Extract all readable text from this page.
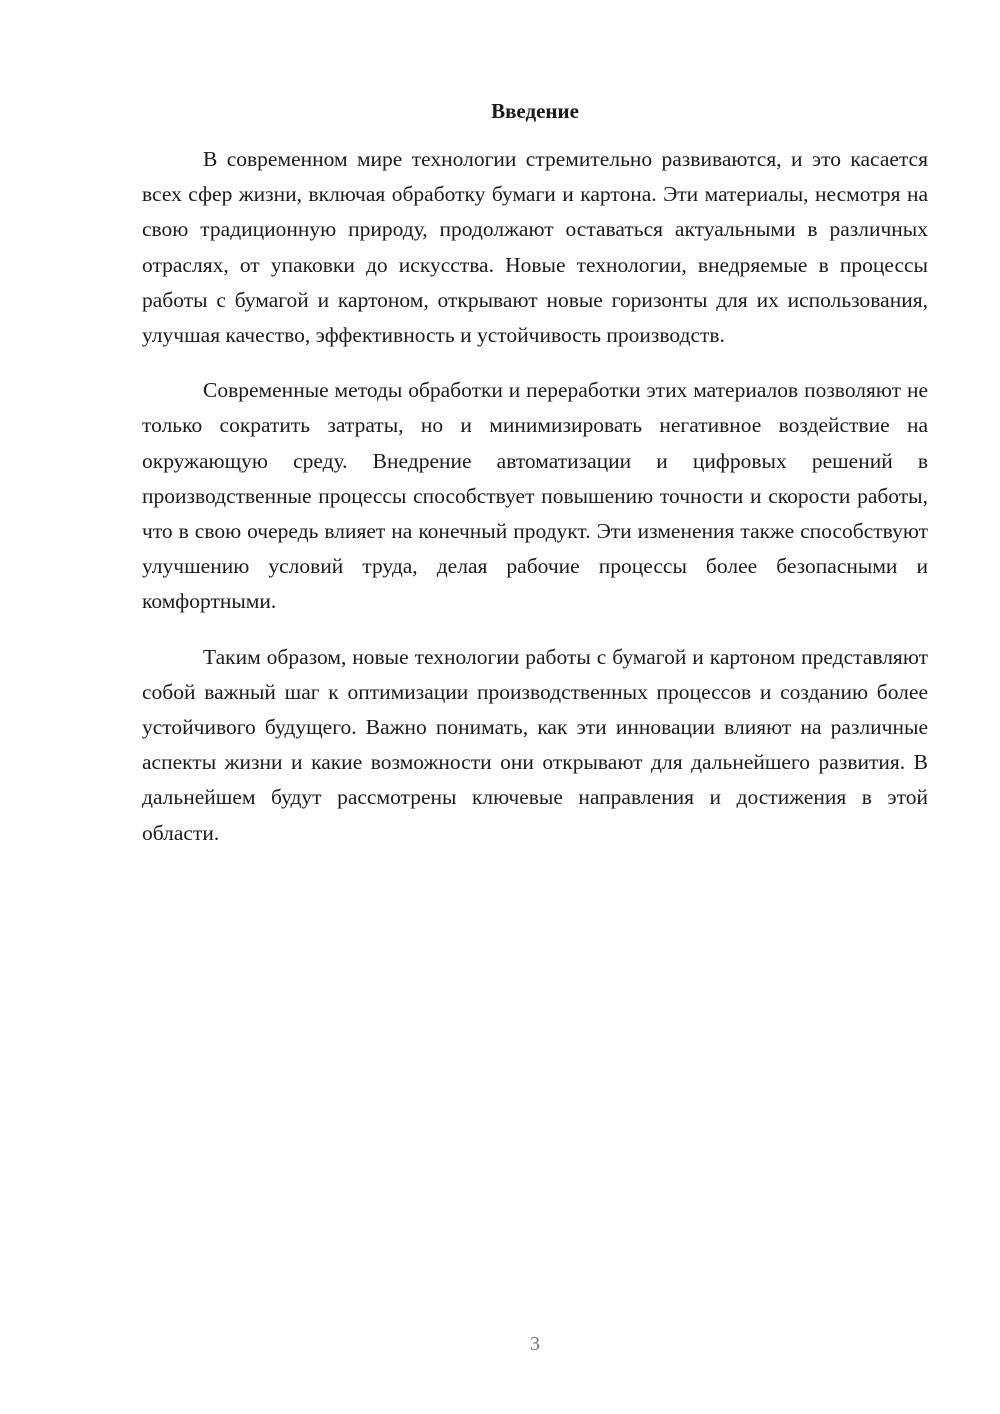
Введение

В современном мире технологии стремительно развиваются, и это касается всех сфер жизни, включая обработку бумаги и картона. Эти материалы, несмотря на свою традиционную природу, продолжают оставаться актуальными в различных отраслях, от упаковки до искусства. Новые технологии, внедряемые в процессы работы с бумагой и картоном, открывают новые горизонты для их использования, улучшая качество, эффективность и устойчивость производств.

Современные методы обработки и переработки этих материалов позволяют не только сократить затраты, но и минимизировать негативное воздействие на окружающую среду. Внедрение автоматизации и цифровых решений в производственные процессы способствует повышению точности и скорости работы, что в свою очередь влияет на конечный продукт. Эти изменения также способствуют улучшению условий труда, делая рабочие процессы более безопасными и комфортными.

Таким образом, новые технологии работы с бумагой и картоном представляют собой важный шаг к оптимизации производственных процессов и созданию более устойчивого будущего. Важно понимать, как эти инновации влияют на различные аспекты жизни и какие возможности они открывают для дальнейшего развития. В дальнейшем будут рассмотрены ключевые направления и достижения в этой области.

3
